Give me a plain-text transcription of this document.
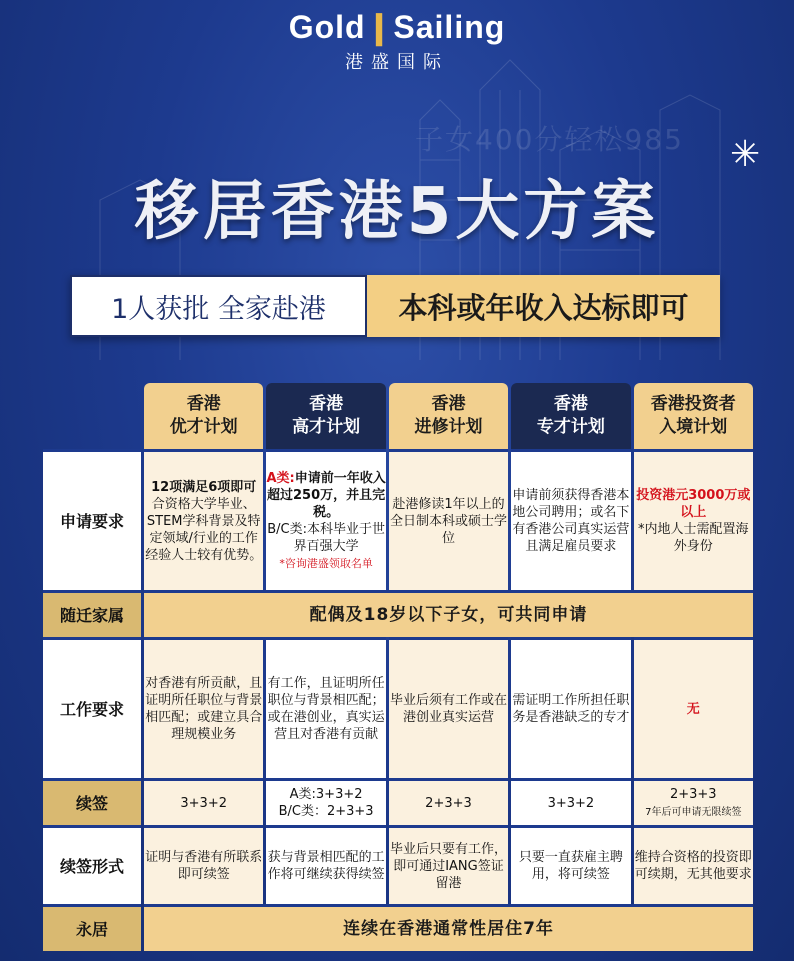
Gold❙Sailing
港盛国际
子女400分轻松985 ✳
移居香港5大方案
1人获批 全家赴港	本科或年收入达标即可
	香港
优才计划	香港
高才计划	香港
进修计划	香港
专才计划	香港投资者
入境计划
申请要求	12项满足6项即可
合资格大学毕业、STEM学科背景及特定领域/行业的工作经验人士较有优势。	A类:申请前一年收入超过250万，并且完税。
B/C类:本科毕业于世界百强大学
*咨询港盛领取名单	赴港修读1年以上的全日制本科或硕士学位	申请前须获得香港本地公司聘用；或名下有香港公司真实运营且满足雇员要求	投资港元3000万或以上
*内地人士需配置海外身份
随迁家属	配偶及18岁以下子女，可共同申请				
工作要求	对香港有所贡献，且证明所任职位与背景相匹配；或建立具合理规模业务	有工作，且证明所任职位与背景相匹配；或在港创业，真实运营且对香港有贡献	毕业后须有工作或在港创业真实运营	需证明工作所担任职务是香港缺乏的专才	无
续签	3+3+2	A类:3+3+2
B/C类：2+3+3	2+3+3	3+3+2	2+3+3
7年后可申请无限续签
续签形式	证明与香港有所联系即可续签	获与背景相匹配的工作将可继续获得续签	毕业后只要有工作，即可通过IANG签证留港	只要一直获雇主聘用，将可续签	维持合资格的投资即可续期，无其他要求
永居	连续在香港通常性居住7年				
